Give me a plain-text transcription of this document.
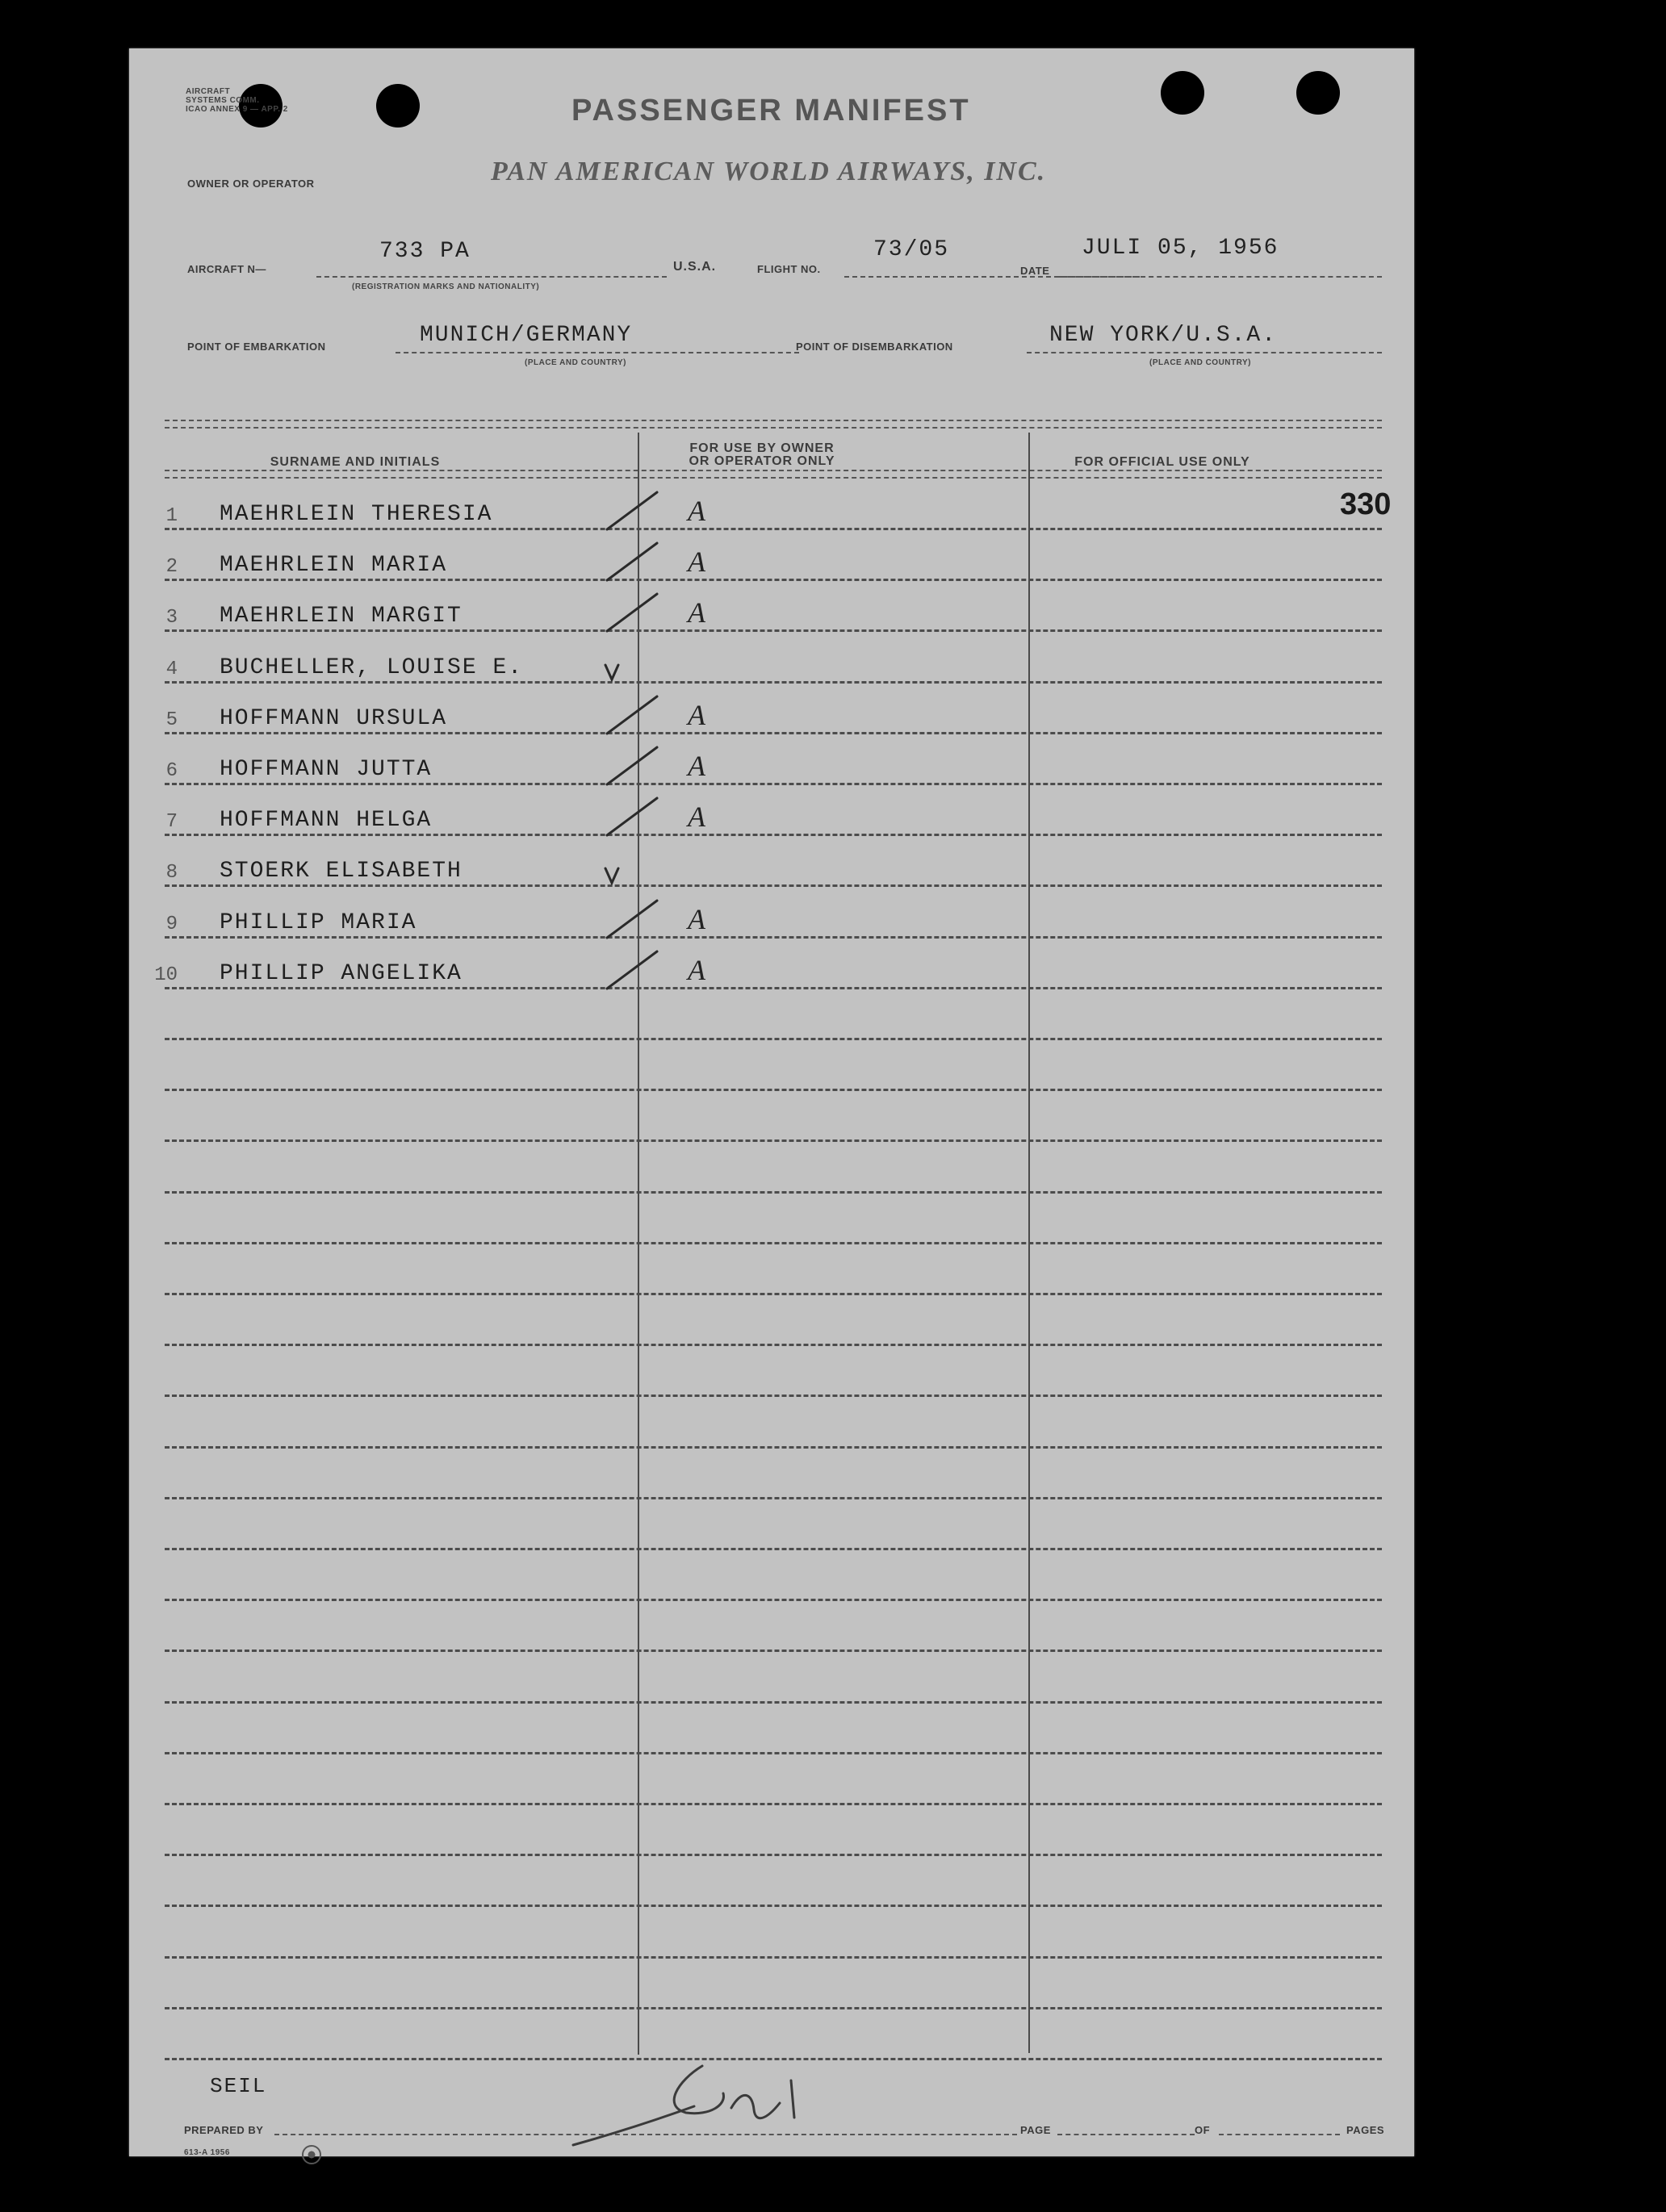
AIRCRAFT
SYSTEMS COMM.
ICAO ANNEX 9 — APP. 2	PASSENGER MANIFEST
OWNER OR OPERATOR	PAN AMERICAN WORLD AIRWAYS, INC.
AIRCRAFT N—
733 PA
(REGISTRATION MARKS AND NATIONALITY)
U.S.A.	FLIGHT NO.
73/05
DATE
JULI 05, 1956
POINT OF EMBARKATION	MUNICH/GERMANY
(PLACE AND COUNTRY)
POINT OF DISEMBARKATION	NEW YORK/U.S.A.
(PLACE AND COUNTRY)
SURNAME AND INITIALS
FOR USE BY OWNER
OR OPERATOR ONLY	FOR OFFICIAL USE ONLY
330
1 MAEHRLEIN THERESIA	A
2 MAEHRLEIN MARIA	A
3 MAEHRLEIN MARGIT	A
4 BUCHELLER, LOUISE E.
5 HOFFMANN URSULA	A
6 HOFFMANN JUTTA	A
7 HOFFMANN HELGA	A
8 STOERK ELISABETH
9 PHILLIP MARIA	A
10 PHILLIP ANGELIKA	A
SEIL
PREPARED BY	PAGE	OF	PAGES
613-A 1956
